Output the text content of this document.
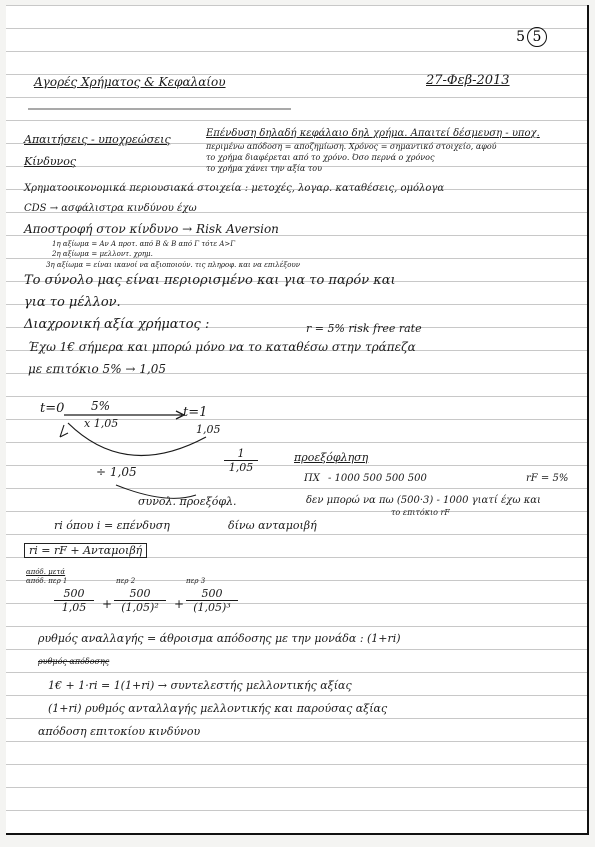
5 5
Αγορές Χρήματος & Κεφαλαίου	27-Φεβ-2013
Απαιτήσεις - υποχρεώσεις	Επένδυση δηλαδή κεφάλαιο δηλ χρήμα. Απαιτεί δέσμευση - υποχ.
περιμένω απόδοση = αποζημίωση. Χρόνος = σημαντικό στοιχείο, αφού
Κίνδυνος	το χρήμα διαφέρεται από το χρόνο. Όσο περνά ο χρόνος
το χρήμα χάνει την αξία του
Χρηματοοικονομικά περιουσιακά στοιχεία : μετοχές, λογαρ. καταθέσεις, ομόλογα
CDS → ασφάλιστρα κινδύνου έχω
Αποστροφή στον κίνδυνο → Risk Aversion
1η αξίωμα = Αν Α προτ. από Β & Β από Γ τότε Α>Γ
2η αξίωμα = μελλοντ. χρημ.
3η αξίωμα = είναι ικανοί να αξιοποιούν. τις πληροφ. και να επιλέξουν
Το σύνολο μας είναι περιορισμένο και για το παρόν και
για το μέλλον.
Διαχρονική αξία χρήματος :	r = 5% risk free rate
Έχω 1€ σήμερα και μπορώ μόνο να το καταθέσω στην τράπεζα
με επιτόκιο 5% → 1,05
t=0 5%
x 1,05
t=1
1,05
÷ 1,05	$\frac{1}{1,05}$	προεξόφληση
ΠΧ - 1000 500 500 500	rF = 5%
συνολ. προεξόφλ.	δεν μπορώ να πω (500·3) - 1000 γιατί έχω και
το επιτόκιο rF
ri όπου i = επένδυση	δίνω ανταμοιβή
ri = rF + Ανταμοιβή
απόδ. μετά
απόδ. περ 1	περ 2	περ 3
$\frac{500}{1,05} + \frac{500}{\text{(1,05)²}} + \frac{500}{\text{(1,05)³}}$
ρυθμός αναλλαγής = άθροισμα απόδοσης με την μονάδα : (1+ri)
ρυθμός απόδοσης
1€ + 1·ri = 1(1+ri) → συντελεστής μελλοντικής αξίας
(1+ri) ρυθμός ανταλλαγής μελλοντικής και παρούσας αξίας
απόδοση επιτοκίου κινδύνου
